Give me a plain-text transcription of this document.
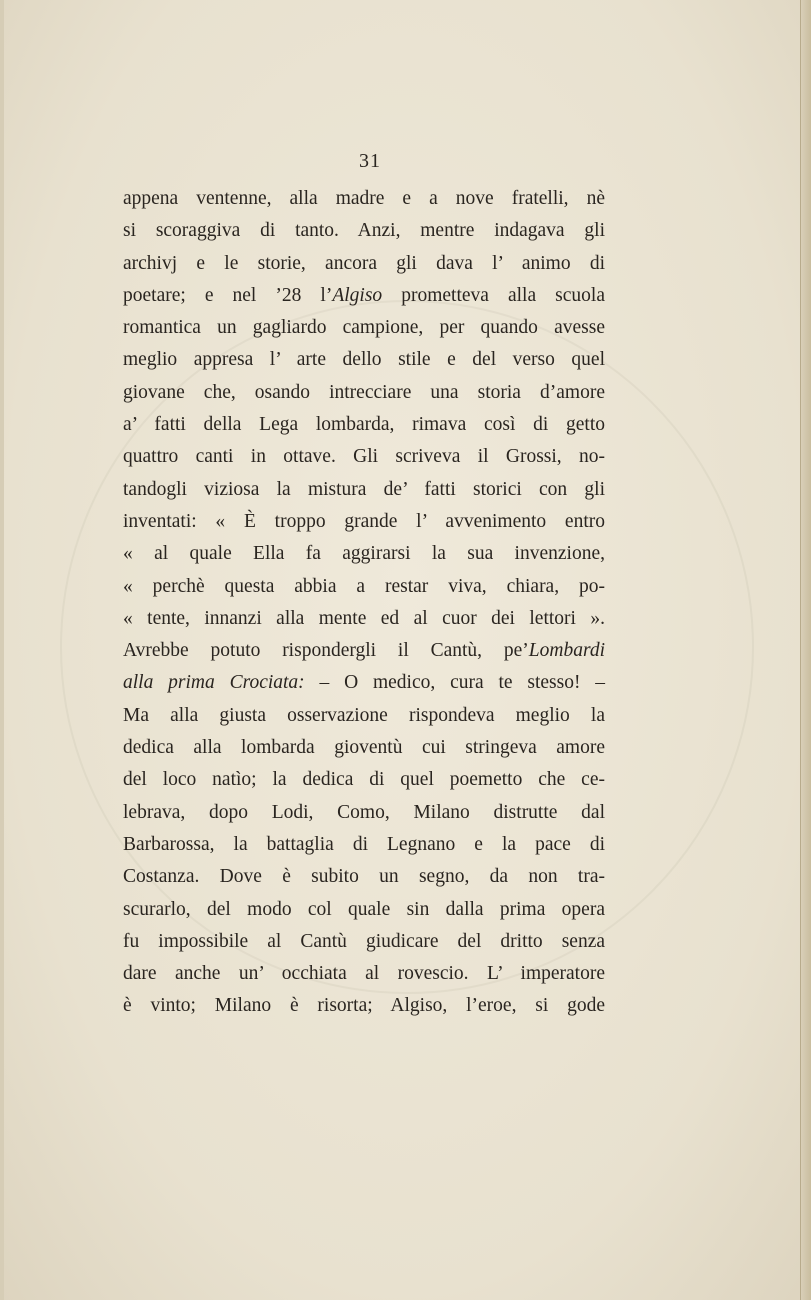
31
appena ventenne, alla madre e a nove fratelli, nè
si scoraggiva di tanto. Anzi, mentre indagava gli
archivj e le storie, ancora gli dava l’ animo di
poetare; e nel ’28 l’Algiso prometteva alla scuola
romantica un gagliardo campione, per quando avesse
meglio appresa l’ arte dello stile e del verso quel
giovane che, osando intrecciare una storia d’amore
a’ fatti della Lega lombarda, rimava così di getto
quattro canti in ottave. Gli scriveva il Grossi, no-
tandogli viziosa la mistura de’ fatti storici con gli
inventati: « È troppo grande l’ avvenimento entro
« al quale Ella fa aggirarsi la sua invenzione,
« perchè questa abbia a restar viva, chiara, po-
« tente, innanzi alla mente ed al cuor dei lettori ».
Avrebbe potuto rispondergli il Cantù, pe’Lombardi
alla prima Crociata: – O medico, cura te stesso! –
Ma alla giusta osservazione rispondeva meglio la
dedica alla lombarda gioventù cui stringeva amore
del loco natìo; la dedica di quel poemetto che ce-
lebrava, dopo Lodi, Como, Milano distrutte dal
Barbarossa, la battaglia di Legnano e la pace di
Costanza. Dove è subito un segno, da non tra-
scurarlo, del modo col quale sin dalla prima opera
fu impossibile al Cantù giudicare del dritto senza
dare anche un’ occhiata al rovescio. L’ imperatore
è vinto; Milano è risorta; Algiso, l’eroe, si gode
